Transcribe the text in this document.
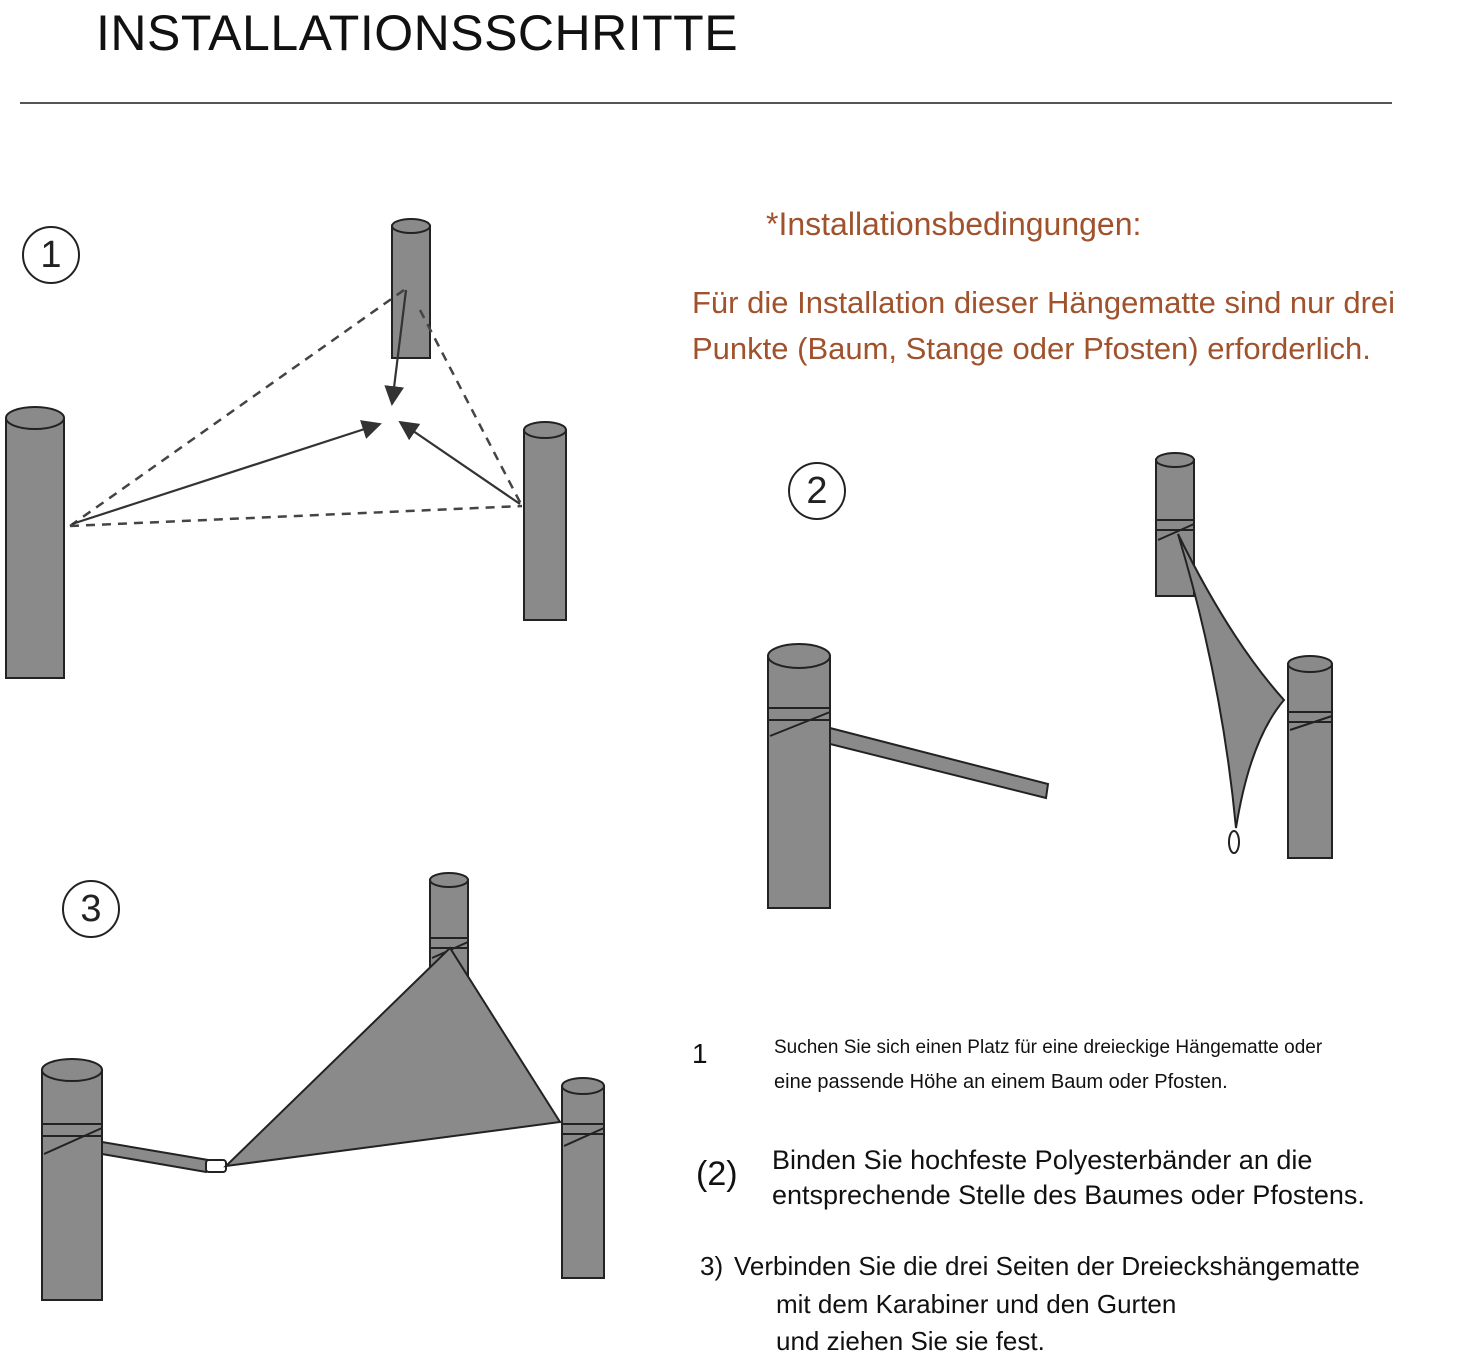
INSTALLATIONSSCHRITTE
1
2
3
*Installationsbedingungen:
Für die Installation dieser Hängematte sind nur drei
Punkte (Baum, Stange oder Pfosten) erforderlich.
1	Suchen Sie sich einen Platz für eine dreieckige Hängematte oder
eine passende Höhe an einem Baum oder Pfosten.
(2) Binden Sie hochfeste Polyesterbänder an die
entsprechende Stelle des Baumes oder Pfostens.
3) Verbinden Sie die drei Seiten der Dreieckshängematte
mit dem Karabiner und den Gurten
und ziehen Sie sie fest.
